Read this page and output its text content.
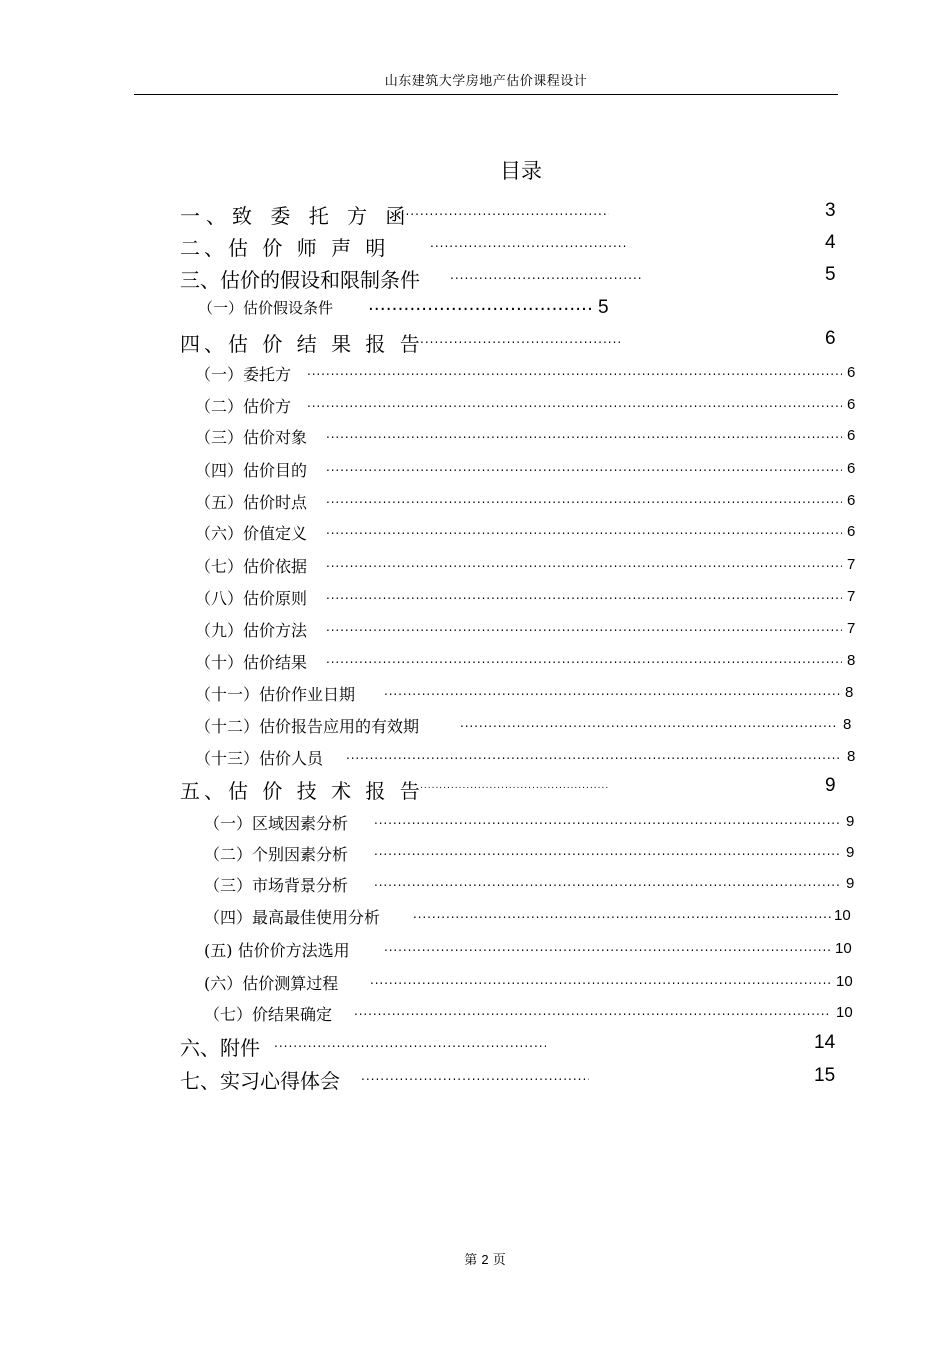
山东建筑大学房地产估价课程设计
目录
一、致 委 托 方 函 .....	3
二、估 价 师 声 明 .....	4
三、估价的假设和限制条件 .....	5
（一）估价假设条件 .....	5
四、估 价 结 果 报 告 .....	6
（一）委托方 .....	6
（二）估价方 .....	6
（三）估价对象 .....	6
（四）估价目的 .....	6
（五）估价时点 .....	6
（六）价值定义 .....	6
（七）估价依据 .....	7
（八）估价原则 .....	7
（九）估价方法 .....	7
（十）估价结果 .....	8
（十一）估价作业日期 .....	8
（十二）估价报告应用的有效期 .....	8
（十三）估价人员 .....	8
五、估 价 技 术 报 告 .....	9
（一）区域因素分析 .....	9
（二）个别因素分析 .....	9
（三）市场背景分析 .....	9
（四）最高最佳使用分析 .....	10
(五) 估价价方法选用 .....	10
(六）估价测算过程 .....	10
（七）价结果确定 .....	10
六、附件 .....	14
七、实习心得体会 .....	15
第 2 页
